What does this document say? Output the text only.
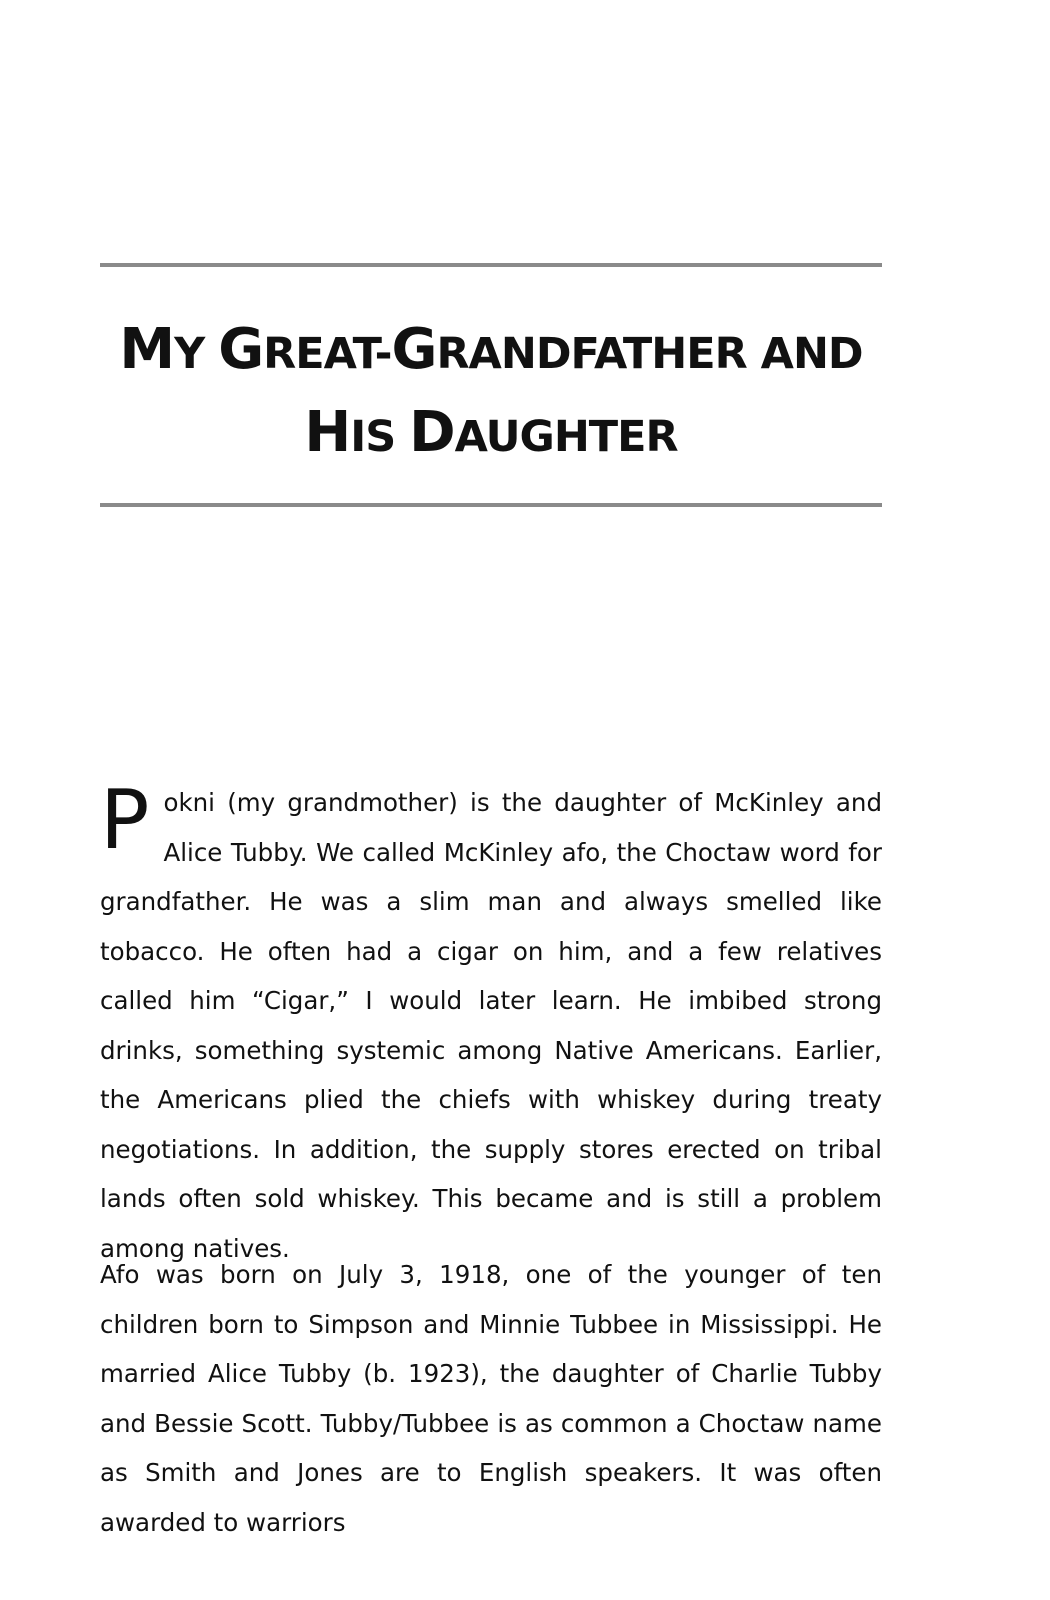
MY GREAT-GRANDFATHER AND
HIS DAUGHTER

Pokni (my grandmother) is the daughter of McKinley and Alice Tubby. We called McKinley afo, the Choctaw word for grandfather. He was a slim man and always smelled like tobacco. He often had a cigar on him, and a few relatives called him “Cigar,” I would later learn. He imbibed strong drinks, something systemic among Native Americans. Earlier, the Americans plied the chiefs with whiskey during treaty negotiations. In addition, the supply stores erected on tribal lands often sold whiskey. This became and is still a problem among natives.

Afo was born on July 3, 1918, one of the younger of ten children born to Simpson and Minnie Tubbee in Mississippi. He married Alice Tubby (b. 1923), the daughter of Charlie Tubby and Bessie Scott. Tubby/Tubbee is as common a Choctaw name as Smith and Jones are to English speakers. It was often awarded to warriors
